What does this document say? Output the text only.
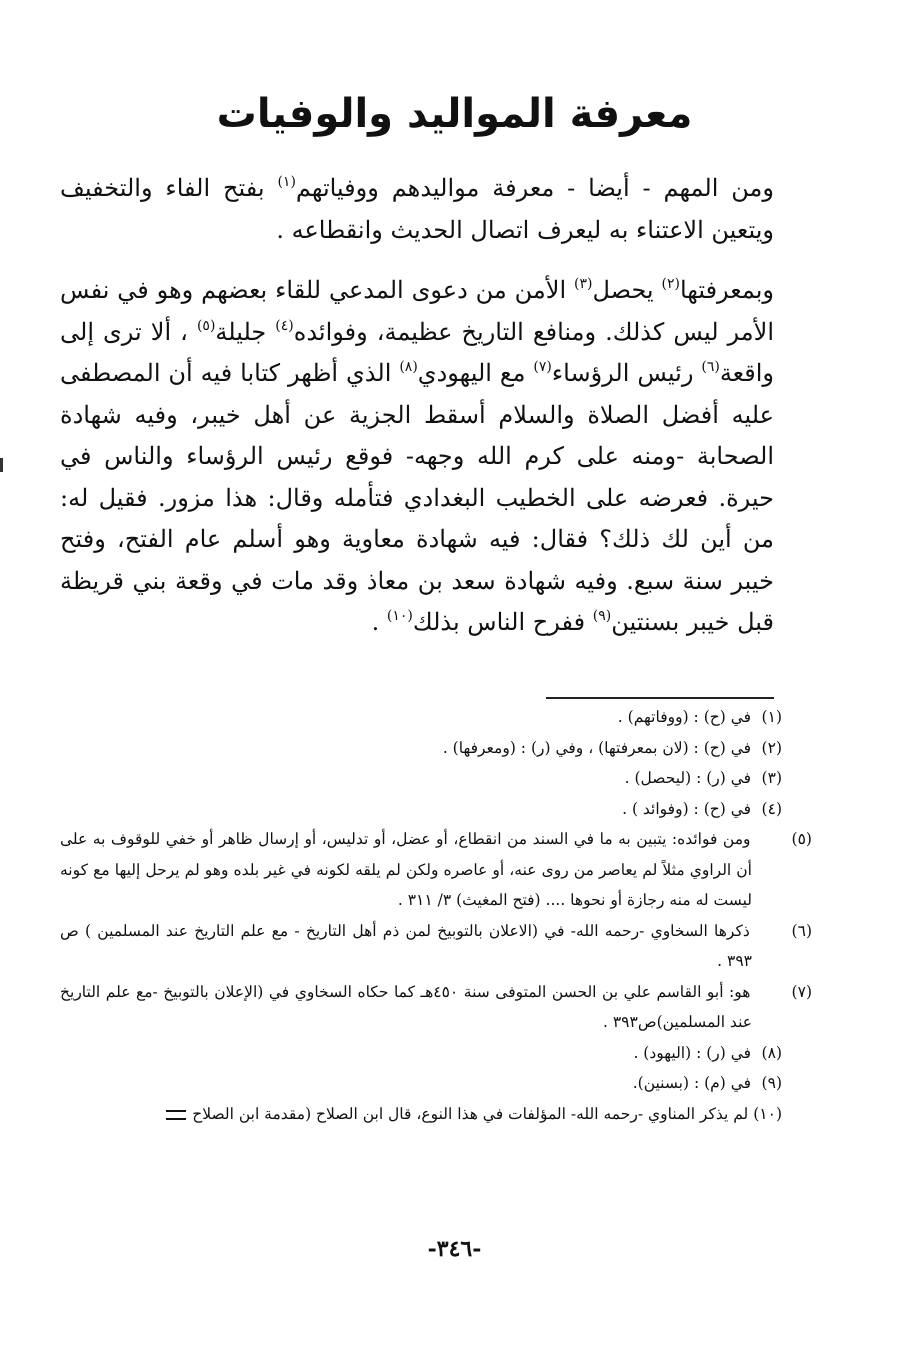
معرفة المواليد والوفيات

ومن المهم - أيضا - معرفة مواليدهم ووفياتهم$^{(١)}$ بفتح الفاء والتخفيف ويتعين الاعتناء به ليعرف اتصال الحديث وانقطاعه .

وبمعرفتها$^{(٢)}$ يحصل$^{(٣)}$ الأمن من دعوى المدعي للقاء بعضهم وهو في نفس الأمر ليس كذلك. ومنافع التاريخ عظيمة، وفوائده$^{(٤)}$ جليلة$^{(٥)}$ ، ألا ترى إلى واقعة$^{(٦)}$ رئيس الرؤساء$^{(٧)}$ مع اليهودي$^{(٨)}$ الذي أظهر كتابا فيه أن المصطفى عليه أفضل الصلاة والسلام أسقط الجزية عن أهل خيبر، وفيه شهادة الصحابة -ومنه على كرم الله وجهه- فوقع رئيس الرؤساء والناس في حيرة. فعرضه على الخطيب البغدادي فتأمله وقال: هذا مزور. فقيل له: من أين لك ذلك؟ فقال: فيه شهادة معاوية وهو أسلم عام الفتح، وفتح خيبر سنة سبع. وفيه شهادة سعد بن معاذ وقد مات في وقعة بني قريظة قبل خيبر بسنتين$^{(٩)}$ ففرح الناس بذلك$^{(١٠)}$ .

(١) في (ح) : (ووفاتهم) .

(٢) في (ح) : (لان بمعرفتها) ، وفي (ر) : (ومعرفها) .

(٣) في (ر) : (ليحصل) .

(٤) في (ح) : (وفوائد ) .

(٥) ومن فوائده: يتبين به ما في السند من انقطاع، أو عضل، أو تدليس، أو إرسال ظاهر أو خفي للوقوف به على أن الراوي مثلاً لم يعاصر من روى عنه، أو عاصره ولكن لم يلقه لكونه في غير بلده وهو لم يرحل إليها مع كونه ليست له منه رجازة أو نحوها .... (فتح المغيث) ٣/ ٣١١ .

(٦) ذكرها السخاوي -رحمه الله- في (الاعلان بالتوبيخ لمن ذم أهل التاريخ - مع علم التاريخ عند المسلمين ) ص ٣٩٣ .

(٧) هو: أبو القاسم علي بن الحسن المتوفى سنة ٤٥٠هـ كما حكاه السخاوي في (الإعلان بالتوبيخ -مع علم التاريخ عند المسلمين)ص٣٩٣ .

(٨) في (ر) : (اليهود) .

(٩) في (م) : (بسنين).

(١٠) لم يذكر المناوي -رحمه الله- المؤلفات في هذا النوع، قال ابن الصلاح (مقدمة ابن الصلاح

-٣٤٦-
